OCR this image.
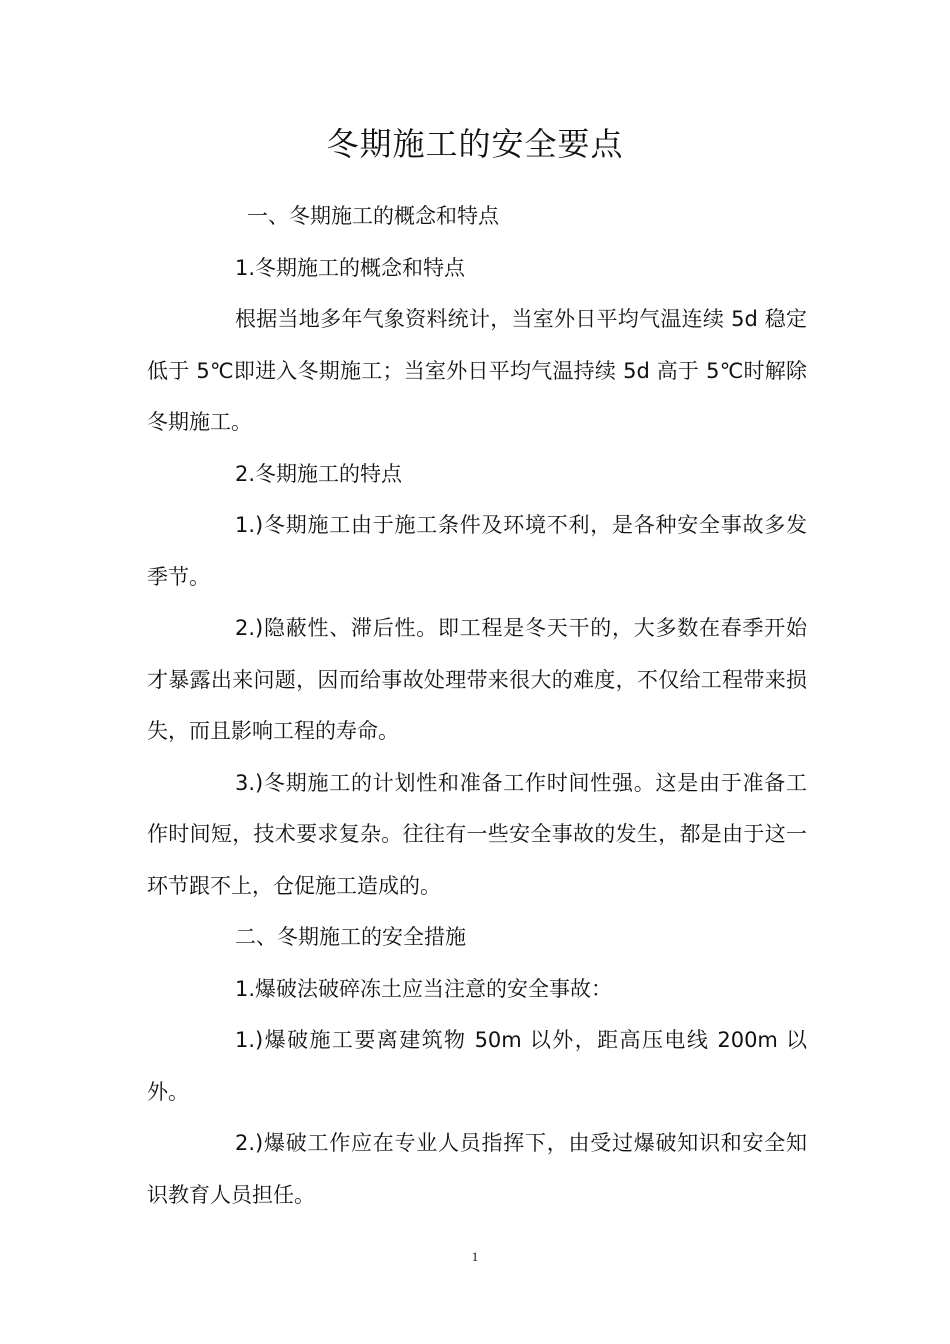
冬期施工的安全要点

一、冬期施工的概念和特点

1.冬期施工的概念和特点

根据当地多年气象资料统计，当室外日平均气温连续 5d 稳定低于 5℃即进入冬期施工；当室外日平均气温持续 5d 高于 5℃时解除冬期施工。

2.冬期施工的特点

1.)冬期施工由于施工条件及环境不利，是各种安全事故多发季节。

2.)隐蔽性、滞后性。即工程是冬天干的，大多数在春季开始才暴露出来问题，因而给事故处理带来很大的难度，不仅给工程带来损失，而且影响工程的寿命。

3.)冬期施工的计划性和准备工作时间性强。这是由于准备工作时间短，技术要求复杂。往往有一些安全事故的发生，都是由于这一环节跟不上，仓促施工造成的。

二、冬期施工的安全措施

1.爆破法破碎冻土应当注意的安全事故：

1.)爆破施工要离建筑物 50m 以外，距高压电线 200m 以外。

2.)爆破工作应在专业人员指挥下，由受过爆破知识和安全知识教育人员担任。

1
